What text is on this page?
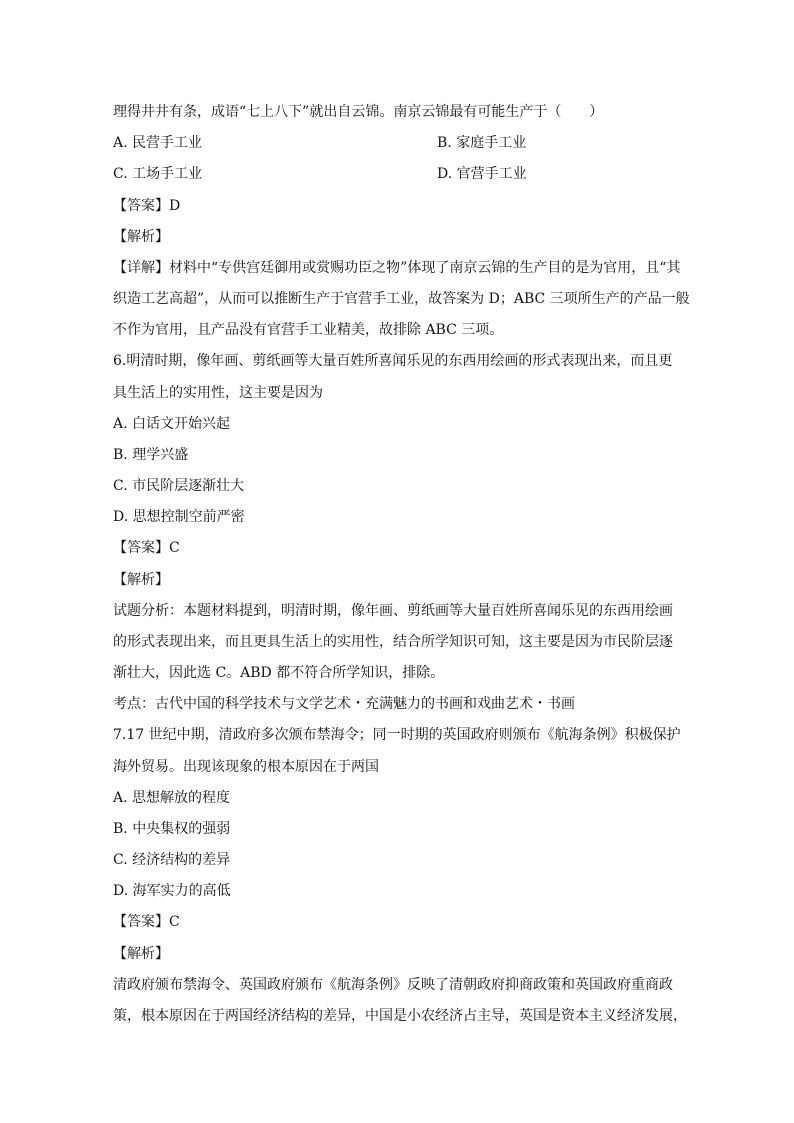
理得井井有条，成语“七上八下”就出自云锦。南京云锦最有可能生产于（　　）
A. 民营手工业	B. 家庭手工业
C. 工场手工业	D. 官营手工业
【答案】D
【解析】
【详解】材料中“专供宫廷御用或赏赐功臣之物”体现了南京云锦的生产目的是为官用，且“其
织造工艺高超”，从而可以推断生产于官营手工业，故答案为 D；ABC 三项所生产的产品一般
不作为官用，且产品没有官营手工业精美，故排除 ABC 三项。
6.明清时期，像年画、剪纸画等大量百姓所喜闻乐见的东西用绘画的形式表现出来，而且更
具生活上的实用性，这主要是因为
A. 白话文开始兴起
B. 理学兴盛
C. 市民阶层逐渐壮大
D. 思想控制空前严密
【答案】C
【解析】
试题分析：本题材料提到，明清时期，像年画、剪纸画等大量百姓所喜闻乐见的东西用绘画
的形式表现出来，而且更具生活上的实用性，结合所学知识可知，这主要是因为市民阶层逐
渐壮大，因此选 C。ABD 都不符合所学知识，排除。
考点：古代中国的科学技术与文学艺术・充满魅力的书画和戏曲艺术・书画
7.17 世纪中期，清政府多次颁布禁海令；同一时期的英国政府则颁布《航海条例》积极保护
海外贸易。出现该现象的根本原因在于两国
A. 思想解放的程度
B. 中央集权的强弱
C. 经济结构的差异
D. 海军实力的高低
【答案】C
【解析】
清政府颁布禁海令、英国政府颁布《航海条例》反映了清朝政府抑商政策和英国政府重商政
策，根本原因在于两国经济结构的差异，中国是小农经济占主导，英国是资本主义经济发展，
